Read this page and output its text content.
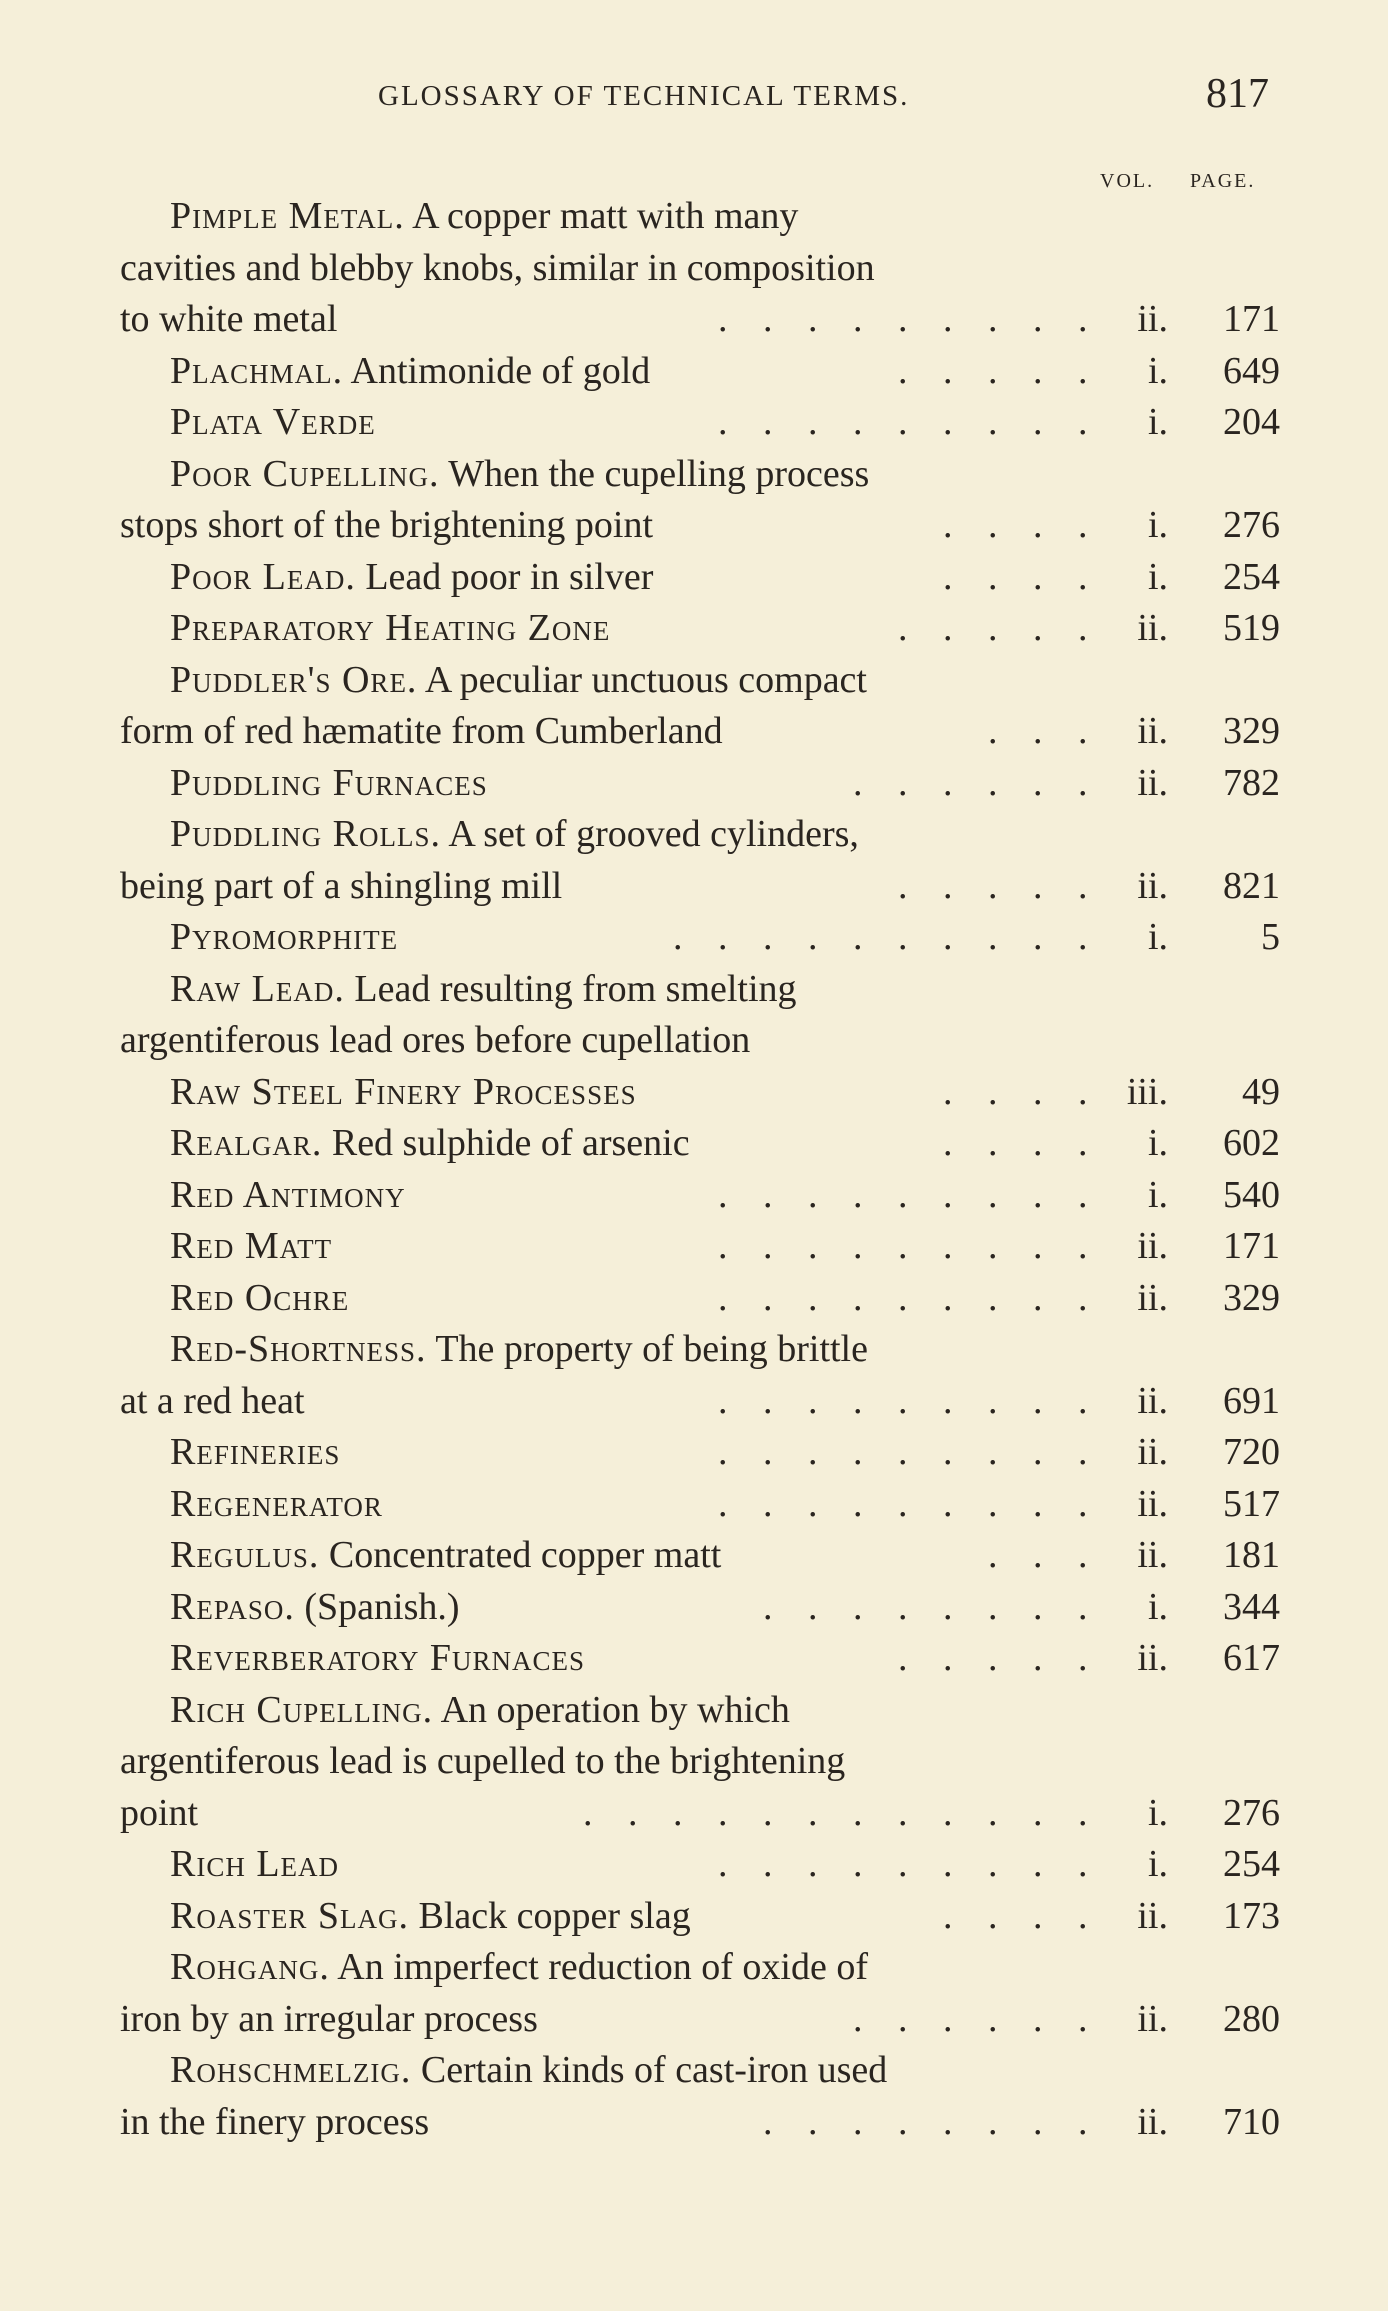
GLOSSARY OF TECHNICAL TERMS.	817
VOL. PAGE.
Pimple Metal. A copper matt with many
cavities and blebby knobs, similar in composition
to white metal	. . . . . . . . .	ii.	171
Plachmal. Antimonide of gold	. . . . .	i.	649
Plata Verde	. . . . . . . . .	i.	204
Poor Cupelling. When the cupelling process
stops short of the brightening point	. . . .	i.	276
Poor Lead. Lead poor in silver	. . . .	i.	254
Preparatory Heating Zone	. . . . .	ii.	519
Puddler's Ore. A peculiar unctuous compact
form of red hæmatite from Cumberland	. . .	ii.	329
Puddling Furnaces	. . . . . .	ii.	782
Puddling Rolls. A set of grooved cylinders,
being part of a shingling mill	. . . . .	ii.	821
Pyromorphite	. . . . . . . . . .	i.	5
Raw Lead. Lead resulting from smelting
argentiferous lead ores before cupellation
Raw Steel Finery Processes	. . . .	iii.	49
Realgar. Red sulphide of arsenic	. . . .	i.	602
Red Antimony	. . . . . . . . .	i.	540
Red Matt	. . . . . . . . .	ii.	171
Red Ochre	. . . . . . . . .	ii.	329
Red-Shortness. The property of being brittle
at a red heat	. . . . . . . . .	ii.	691
Refineries	. . . . . . . . .	ii.	720
Regenerator	. . . . . . . . .	ii.	517
Regulus. Concentrated copper matt	. . .	ii.	181
Repaso. (Spanish.)	. . . . . . . .	i.	344
Reverberatory Furnaces	. . . . .	ii.	617
Rich Cupelling. An operation by which
argentiferous lead is cupelled to the brightening
point	. . . . . . . . . . . .	i.	276
Rich Lead	. . . . . . . . .	i.	254
Roaster Slag. Black copper slag	. . . .	ii.	173
Rohgang. An imperfect reduction of oxide of
iron by an irregular process	. . . . . .	ii.	280
Rohschmelzig. Certain kinds of cast-iron used
in the finery process	. . . . . . . .	ii.	710
